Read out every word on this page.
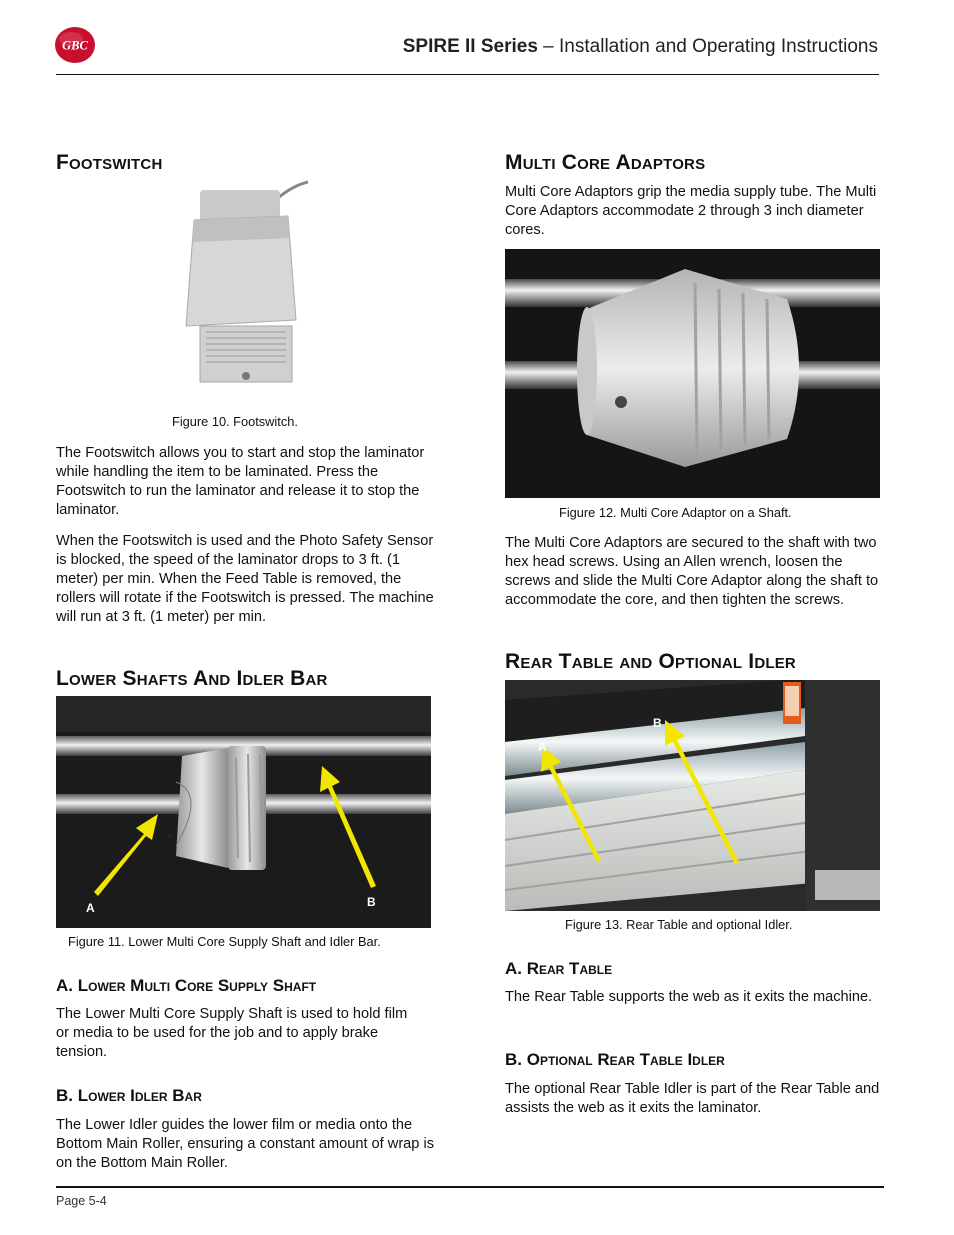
GBC	SPIRE II Series – Installation and Operating Instructions
Footswitch
Figure 10. Footswitch.
The Footswitch allows you to start and stop the laminator while handling the item to be laminated. Press the Footswitch to run the laminator and release it to stop the laminator.
When the Footswitch is used and the Photo Safety Sensor is blocked, the speed of the laminator drops to 3 ft. (1 meter) per min. When the Feed Table is removed, the rollers will rotate if the Footswitch is pressed. The machine will run at 3 ft. (1 meter) per min.
Lower Shafts And Idler Bar
A	B
Figure 11. Lower Multi Core Supply Shaft and Idler Bar.
A. Lower Multi Core Supply Shaft
The Lower Multi Core Supply Shaft is used to hold film or media to be used for the job and to apply brake tension.
B. Lower Idler Bar
The Lower Idler guides the lower film or media onto the Bottom Main Roller, ensuring a constant amount of wrap is on the Bottom Main Roller.
Multi Core Adaptors
Multi Core Adaptors grip the media supply tube. The Multi Core Adaptors accommodate 2 through 3 inch diameter cores.
Figure 12. Multi Core Adaptor on a Shaft.
The Multi Core Adaptors are secured to the shaft with two hex head screws. Using an Allen wrench, loosen the screws and slide the Multi Core Adaptor along the shaft to accommodate the core, and then tighten the screws.
Rear Table and Optional Idler
A
B
Figure 13. Rear Table and optional Idler.
A. Rear Table
The Rear Table supports the web as it exits the machine.
B. Optional Rear Table Idler
The optional Rear Table Idler is part of the Rear Table and assists the web as it exits the laminator.
Page 5-4
